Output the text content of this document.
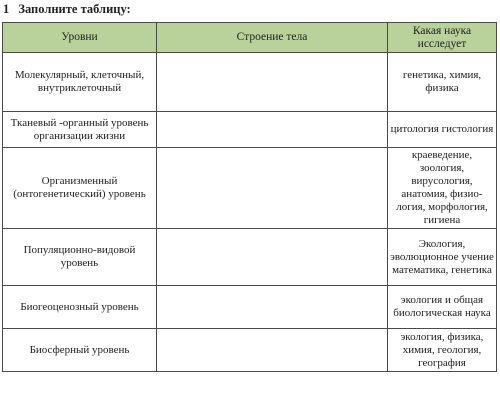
1 Заполните таблицу:
Уровни	Строение тела	Какая наука исследует
Молекулярный, клеточный, внутриклеточный		генетика, химия, физика
Тканевый -органный уровень организации жизни		цитология гистология
Организменный (онтогенетический) уровень		краеведение, зоология, вирусология, анатомия, физио-логия, морфология, гигиена
Популяционно-видовой уровень		Экология, эволюционное учение математика, генетика
Биогеоценозный уровень		экология и общая биологическая наука
Биосферный уровень		экология, физика, химия, геология, география
